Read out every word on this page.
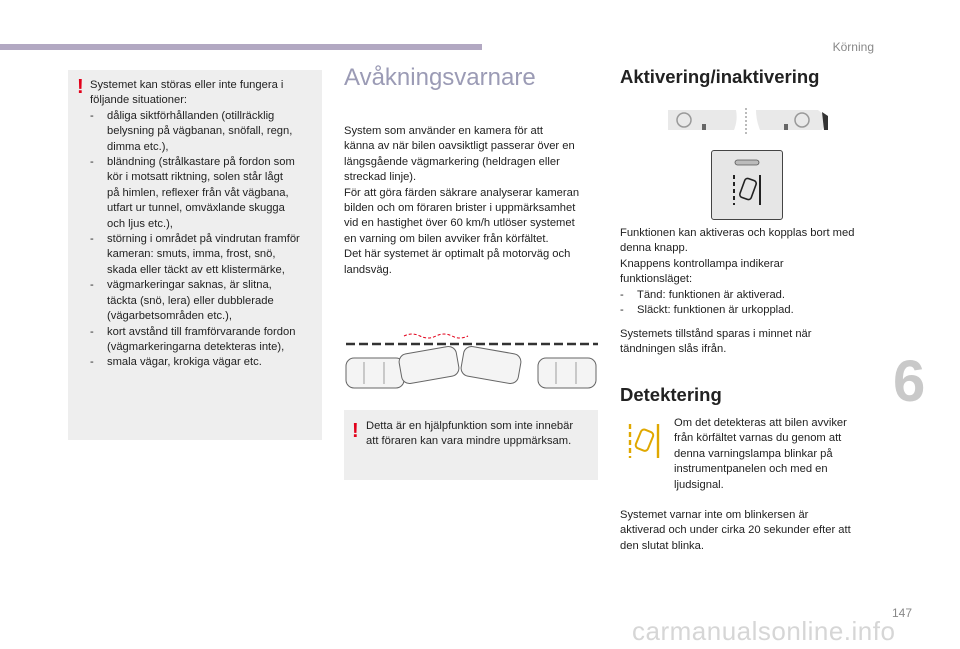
Körning
6
! Systemet kan störas eller inte fungera i

följande situationer:

- dåliga siktförhållanden (otillräcklig
belysning på vägbanan, snöfall, regn,
dimma etc.),
- bländning (strålkastare på fordon som
kör i motsatt riktning, solen står lågt
på himlen, reflexer från våt vägbana,
utfart ur tunnel, omväxlande skugga
och ljus etc.),
- störning i området på vindrutan framför
kameran: smuts, imma, frost, snö,
skada eller täckt av ett klistermärke,
- vägmarkeringar saknas, är slitna,
täckta (snö, lera) eller dubblerade
(vägarbetsområden etc.),
- kort avstånd till framförvarande fordon
(vägmarkeringarna detekteras inte),
- smala vägar, krokiga vägar etc.
Avåkningsvarnare

System som använder en kamera för att

känna av när bilen oavsiktligt passerar över en

längsgående vägmarkering (heldragen eller

streckad linje).

För att göra färden säkrare analyserar kameran

bilden och om föraren brister i uppmärksamhet

vid en hastighet över 60 km/h utlöser systemet

en varning om bilen avviker från körfältet.

Det här systemet är optimalt på motorväg och

landsväg.

! Detta är en hjälpfunktion som inte innebär
att föraren kan vara mindre uppmärksam.
Aktivering/inaktivering

Funktionen kan aktiveras och kopplas bort med

denna knapp.

Knappens kontrollampa indikerar

funktionsläget:

- Tänd: funktionen är aktiverad.
- Släckt: funktionen är urkopplad.

Systemets tillstånd sparas i minnet när

tändningen slås ifrån.

Detektering

Om det detekteras att bilen avviker

från körfältet varnas du genom att

denna varningslampa blinkar på

instrumentpanelen och med en

ljudsignal.

Systemet varnar inte om blinkersen är

aktiverad och under cirka 20 sekunder efter att

den slutat blinka.

147
carmanualsonline.info
